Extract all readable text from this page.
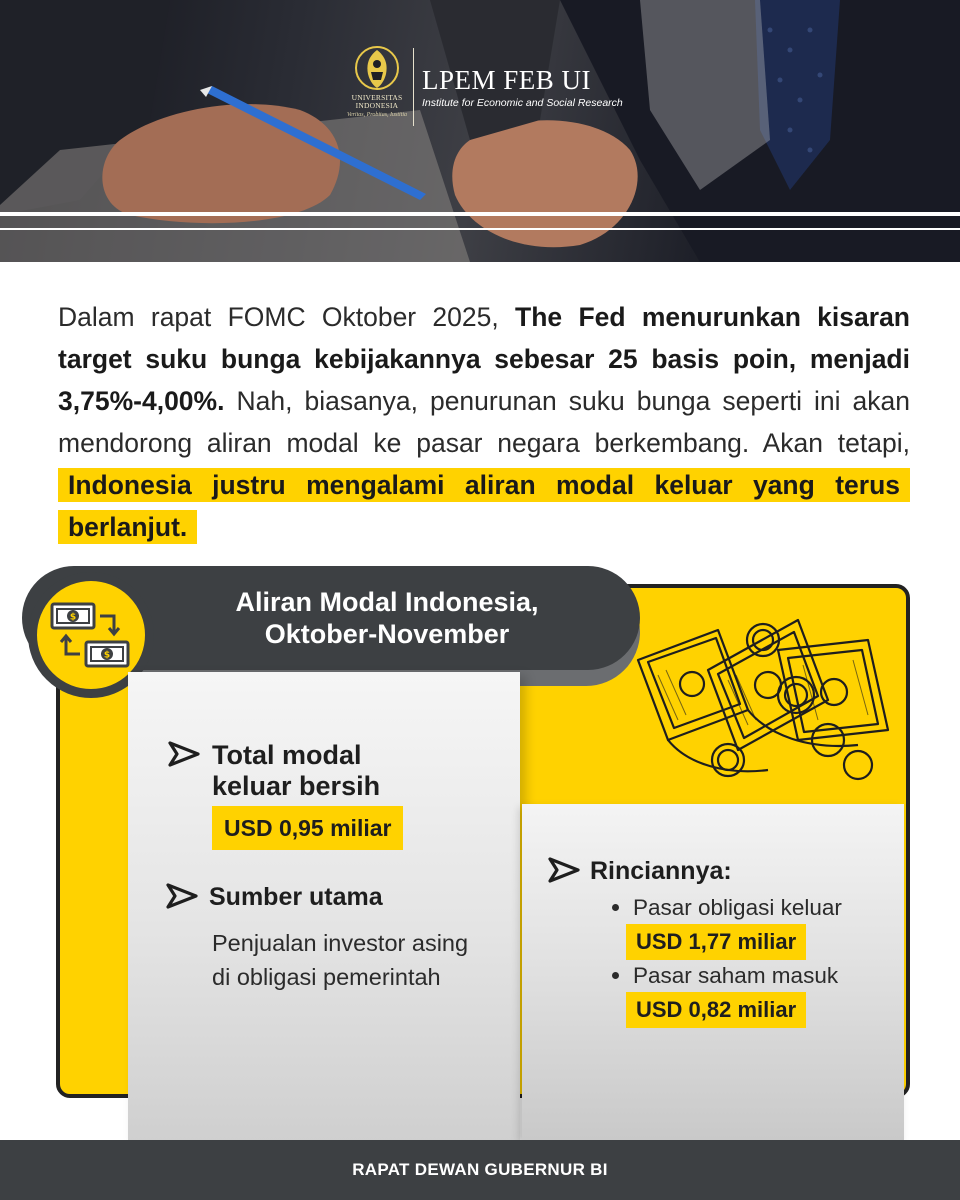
UNIVERSITAS
INDONESIA
Veritas, Probitas, Iustitia
LPEM FEB UI
Institute for Economic and Social Research

Dalam rapat FOMC Oktober 2025, The Fed menurunkan kisaran target suku bunga kebijakannya sebesar 25 basis poin, menjadi 3,75%-4,00%. Nah, biasanya, penurunan suku bunga seperti ini akan mendorong aliran modal ke pasar negara berkembang. Akan tetapi, Indonesia justru mengalami aliran modal keluar yang terus berlanjut.

Aliran Modal Indonesia,
Oktober-November
$
$
Total modal
keluar bersih
USD 0,95 miliar
Sumber utama
Penjualan investor asing
di obligasi pemerintah
Rinciannya:
Pasar obligasi keluar
USD 1,77 miliar
Pasar saham masuk
USD 0,82 miliar
RAPAT DEWAN GUBERNUR BI
